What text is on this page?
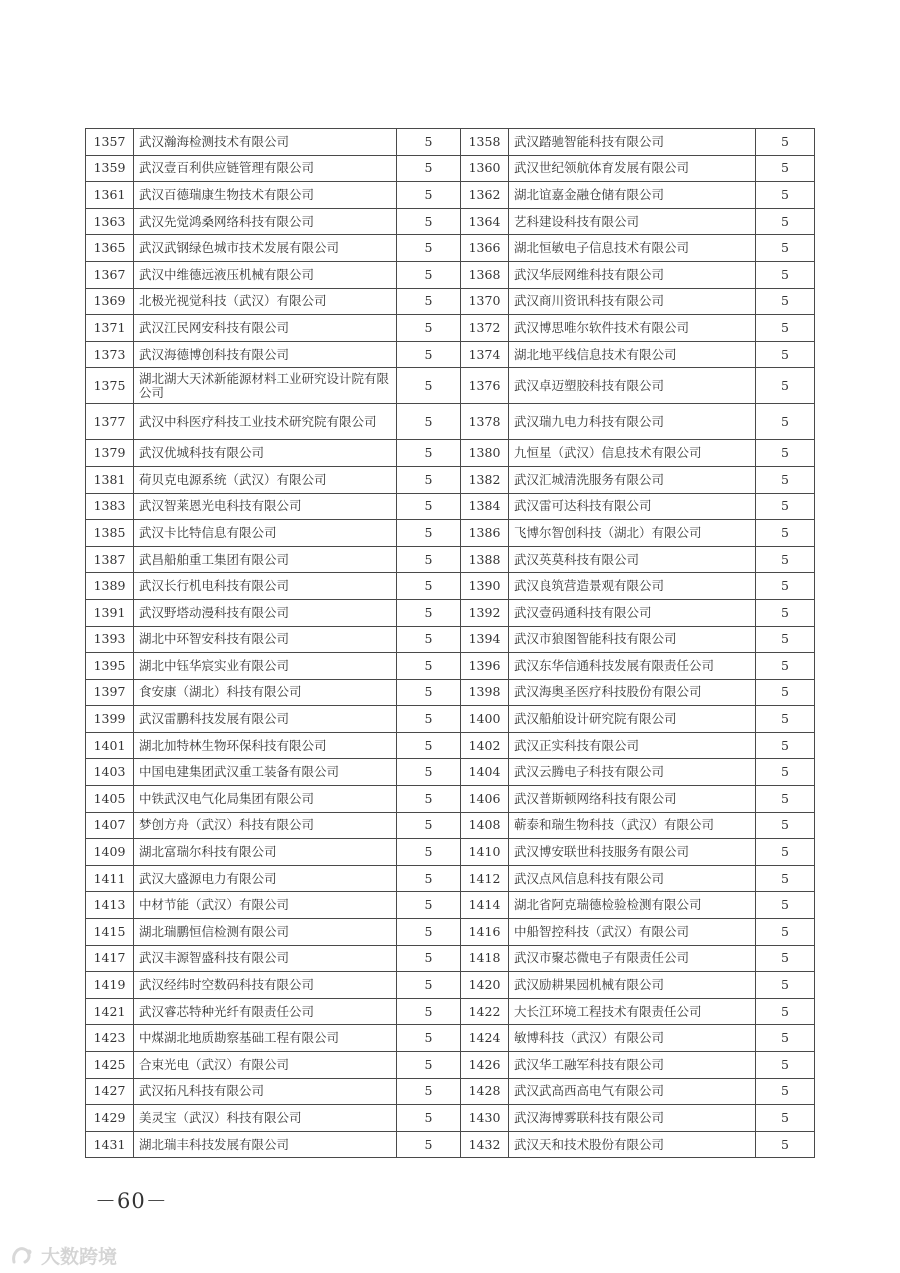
1357	武汉瀚海检测技术有限公司	5	1358	武汉踏驰智能科技有限公司	5
1359	武汉壹百利供应链管理有限公司	5	1360	武汉世纪领航体育发展有限公司	5
1361	武汉百德瑞康生物技术有限公司	5	1362	湖北谊嘉金融仓储有限公司	5
1363	武汉先觉鸿桑网络科技有限公司	5	1364	艺科建设科技有限公司	5
1365	武汉武钢绿色城市技术发展有限公司	5	1366	湖北恒敏电子信息技术有限公司	5
1367	武汉中维德远液压机械有限公司	5	1368	武汉华辰网维科技有限公司	5
1369	北极光视觉科技（武汉）有限公司	5	1370	武汉商川资讯科技有限公司	5
1371	武汉江民网安科技有限公司	5	1372	武汉博思唯尔软件技术有限公司	5
1373	武汉海德博创科技有限公司	5	1374	湖北地平线信息技术有限公司	5
1375	湖北湖大天沭新能源材料工业研究设计院有限公司	5	1376	武汉卓迈塑胶科技有限公司	5
1377	武汉中科医疗科技工业技术研究院有限公司	5	1378	武汉瑞九电力科技有限公司	5
1379	武汉优城科技有限公司	5	1380	九恒星（武汉）信息技术有限公司	5
1381	荷贝克电源系统（武汉）有限公司	5	1382	武汉汇城清洗服务有限公司	5
1383	武汉智莱恩光电科技有限公司	5	1384	武汉雷可达科技有限公司	5
1385	武汉卡比特信息有限公司	5	1386	飞博尔智创科技（湖北）有限公司	5
1387	武昌船舶重工集团有限公司	5	1388	武汉英莫科技有限公司	5
1389	武汉长行机电科技有限公司	5	1390	武汉良筑营造景观有限公司	5
1391	武汉野塔动漫科技有限公司	5	1392	武汉壹码通科技有限公司	5
1393	湖北中环智安科技有限公司	5	1394	武汉市狼图智能科技有限公司	5
1395	湖北中钰华宸实业有限公司	5	1396	武汉东华信通科技发展有限责任公司	5
1397	食安康（湖北）科技有限公司	5	1398	武汉海奥圣医疗科技股份有限公司	5
1399	武汉雷鹏科技发展有限公司	5	1400	武汉船舶设计研究院有限公司	5
1401	湖北加特林生物环保科技有限公司	5	1402	武汉正实科技有限公司	5
1403	中国电建集团武汉重工装备有限公司	5	1404	武汉云腾电子科技有限公司	5
1405	中铁武汉电气化局集团有限公司	5	1406	武汉普斯顿网络科技有限公司	5
1407	梦创方舟（武汉）科技有限公司	5	1408	蕲泰和瑞生物科技（武汉）有限公司	5
1409	湖北富瑞尔科技有限公司	5	1410	武汉博安联世科技服务有限公司	5
1411	武汉大盛源电力有限公司	5	1412	武汉点风信息科技有限公司	5
1413	中材节能（武汉）有限公司	5	1414	湖北省阿克瑞德检验检测有限公司	5
1415	湖北瑞鹏恒信检测有限公司	5	1416	中船智控科技（武汉）有限公司	5
1417	武汉丰源智盛科技有限公司	5	1418	武汉市聚芯微电子有限责任公司	5
1419	武汉经纬时空数码科技有限公司	5	1420	武汉励耕果园机械有限公司	5
1421	武汉睿芯特种光纤有限责任公司	5	1422	大长江环境工程技术有限责任公司	5
1423	中煤湖北地质勘察基础工程有限公司	5	1424	敏博科技（武汉）有限公司	5
1425	合束光电（武汉）有限公司	5	1426	武汉华工融军科技有限公司	5
1427	武汉拓凡科技有限公司	5	1428	武汉武高西高电气有限公司	5
1429	美灵宝（武汉）科技有限公司	5	1430	武汉海博雾联科技有限公司	5
1431	湖北瑞丰科技发展有限公司	5	1432	武汉天和技术股份有限公司	5
－60－
大数跨境
